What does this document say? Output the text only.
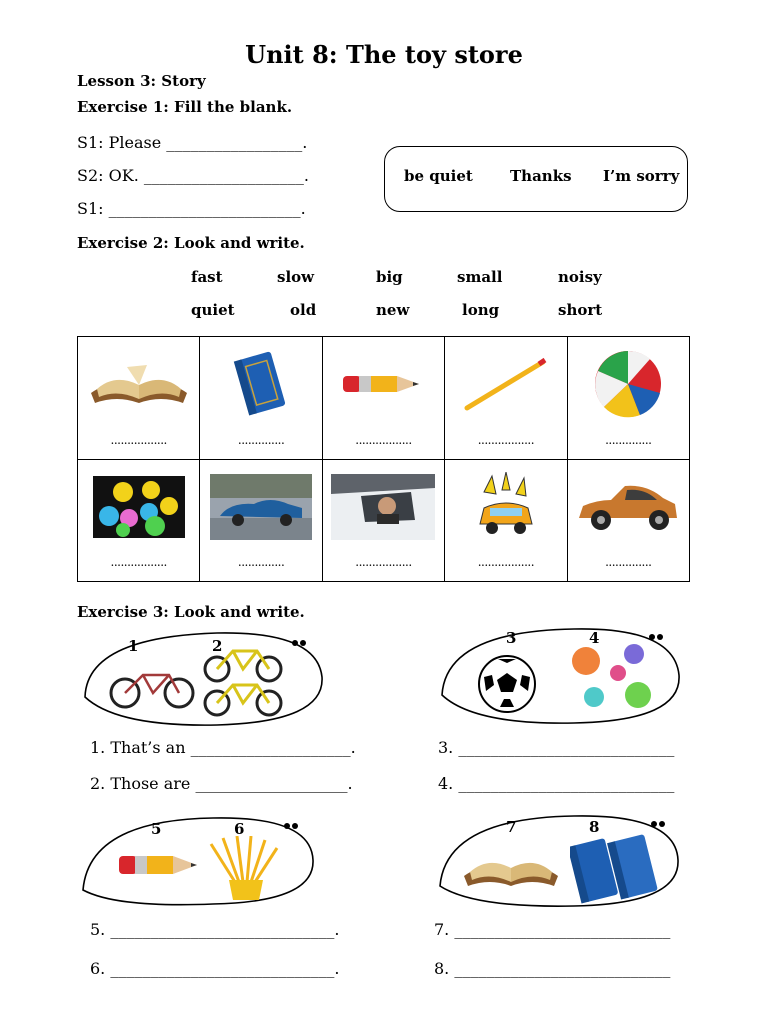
Unit 8: The toy store

Lesson 3: Story

Exercise 1: Fill the blank.

S1: Please _________________.

S2: OK. ____________________.

S1: ________________________.

be quiet Thanks I’m sorry

Exercise 2: Look and write.

fast	slow	big	small	noisy
quiet	old	new	long	short
.................	..............	.................	.................	..............

.................	..............	.................	.................	..............

Exercise 3: Look and write.

1	2	3	4

1. That’s an ____________________.

2. Those are ___________________.

3. ___________________________

4. ___________________________

5	6	7	8

5. ____________________________.

6. ____________________________.

7. ___________________________

8. ___________________________
